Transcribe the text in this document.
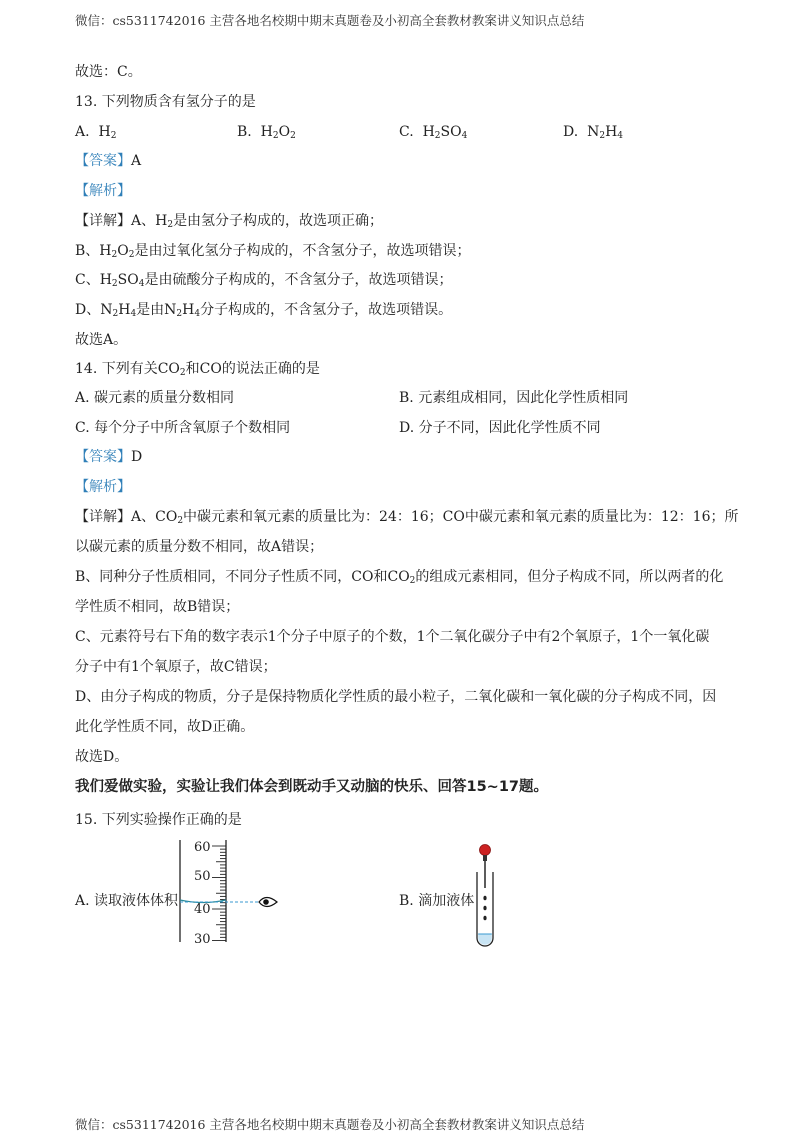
微信：cs5311742016 主营各地名校期中期末真题卷及小初高全套教材教案讲义知识点总结
故选：C。
13. 下列物质含有氢分子的是
A. $H_2$	B. $H_2O_2$	C. $H_2SO_4$	D. $N_2H_4$
【答案】A
【解析】
【详解】A、$H_2$是由氢分子构成的，故选项正确；
B、$H_2O_2$是由过氧化氢分子构成的，不含氢分子，故选项错误；
C、$H_2SO_4$是由硫酸分子构成的，不含氢分子，故选项错误；
D、$N_2H_4$是由$N_2H_4$分子构成的，不含氢分子，故选项错误。
故选A。
14. 下列有关$CO_2$和CO的说法正确的是
A. 碳元素的质量分数相同	B. 元素组成相同，因此化学性质相同
C. 每个分子中所含氧原子个数相同	D. 分子不同，因此化学性质不同
【答案】D
【解析】
【详解】A、$CO_2$中碳元素和氧元素的质量比为：24：16；CO中碳元素和氧元素的质量比为：12：16；所
以碳元素的质量分数不相同，故A错误；
B、同种分子性质相同，不同分子性质不同，CO和$CO_2$的组成元素相同，但分子构成不同，所以两者的化
学性质不相同，故B错误；
C、元素符号右下角的数字表示1个分子中原子的个数，1个二氧化碳分子中有2个氧原子，1个一氧化碳
分子中有1个氧原子，故C错误；
D、由分子构成的物质，分子是保持物质化学性质的最小粒子，二氧化碳和一氧化碳的分子构成不同，因
此化学性质不同，故D正确。
故选D。
我们爱做实验，实验让我们体会到既动手又动脑的快乐、回答15~17题。
15. 下列实验操作正确的是
A. 读取液体体积
60
50
40
30
B. 滴加液体
微信：cs5311742016 主营各地名校期中期末真题卷及小初高全套教材教案讲义知识点总结
